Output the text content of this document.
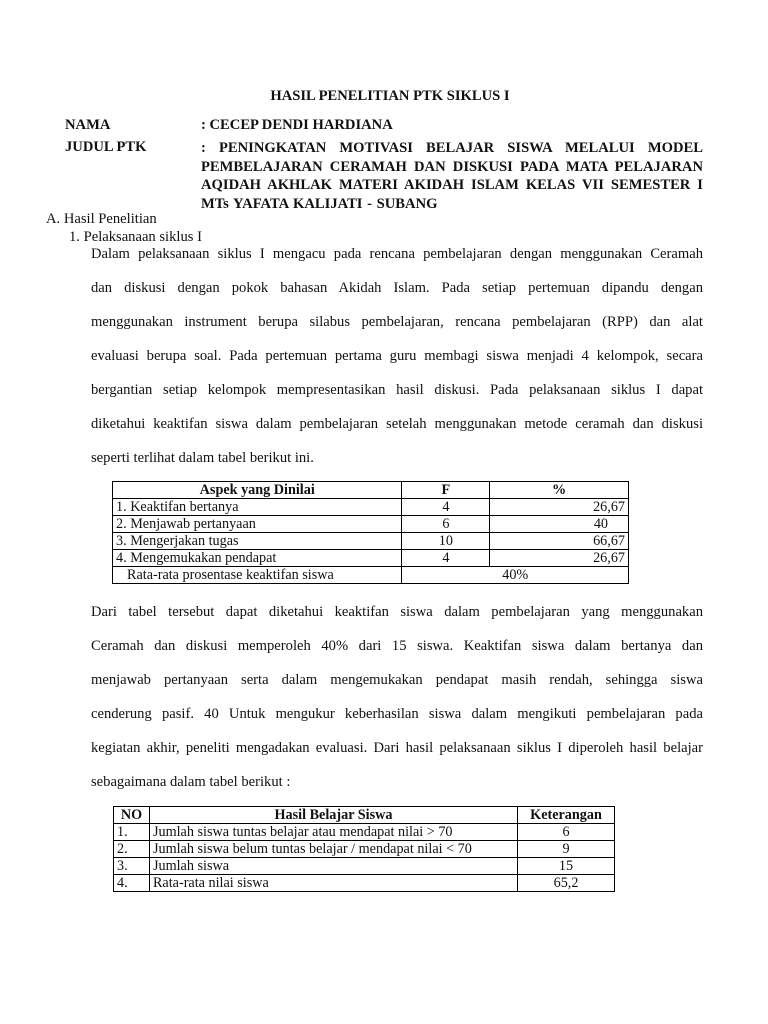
HASIL PENELITIAN PTK SIKLUS I
NAMA	: CECEP DENDI HARDIANA
JUDUL PTK	: PENINGKATAN MOTIVASI BELAJAR SISWA MELALUI MODEL
PEMBELAJARAN CERAMAH DAN DISKUSI PADA MATA PELAJARAN
AQIDAH AKHLAK MATERI AKIDAH ISLAM KELAS VII SEMESTER I
MTs YAFATA KALIJATI - SUBANG
A. Hasil Penelitian
1. Pelaksanaan siklus I
Dalam pelaksanaan siklus I mengacu pada rencana pembelajaran dengan menggunakan Ceramah
dan diskusi dengan pokok bahasan Akidah Islam. Pada setiap pertemuan dipandu dengan
menggunakan instrument berupa silabus pembelajaran, rencana pembelajaran (RPP) dan alat
evaluasi berupa soal. Pada pertemuan pertama guru membagi siswa menjadi 4 kelompok, secara
bergantian setiap kelompok mempresentasikan hasil diskusi. Pada pelaksanaan siklus I dapat
diketahui keaktifan siswa dalam pembelajaran setelah menggunakan metode ceramah dan diskusi
seperti terlihat dalam tabel berikut ini.
Aspek yang Dinilai	F	%
1. Keaktifan bertanya	4	26,67
2. Menjawab pertanyaan	6	40
3. Mengerjakan tugas	10	66,67
4. Mengemukakan pendapat	4	26,67
Rata-rata prosentase keaktifan siswa	40%	
Dari tabel tersebut dapat diketahui keaktifan siswa dalam pembelajaran yang menggunakan
Ceramah dan diskusi memperoleh 40% dari 15 siswa. Keaktifan siswa dalam bertanya dan
menjawab pertanyaan serta dalam mengemukakan pendapat masih rendah, sehingga siswa
cenderung pasif. 40 Untuk mengukur keberhasilan siswa dalam mengikuti pembelajaran pada
kegiatan akhir, peneliti mengadakan evaluasi. Dari hasil pelaksanaan siklus I diperoleh hasil belajar
sebagaimana dalam tabel berikut :
NO	Hasil Belajar Siswa	Keterangan
1.	Jumlah siswa tuntas belajar atau mendapat nilai > 70	6
2.	Jumlah siswa belum tuntas belajar / mendapat nilai < 70	9
3.	Jumlah siswa	15
4.	Rata-rata nilai siswa	65,2
